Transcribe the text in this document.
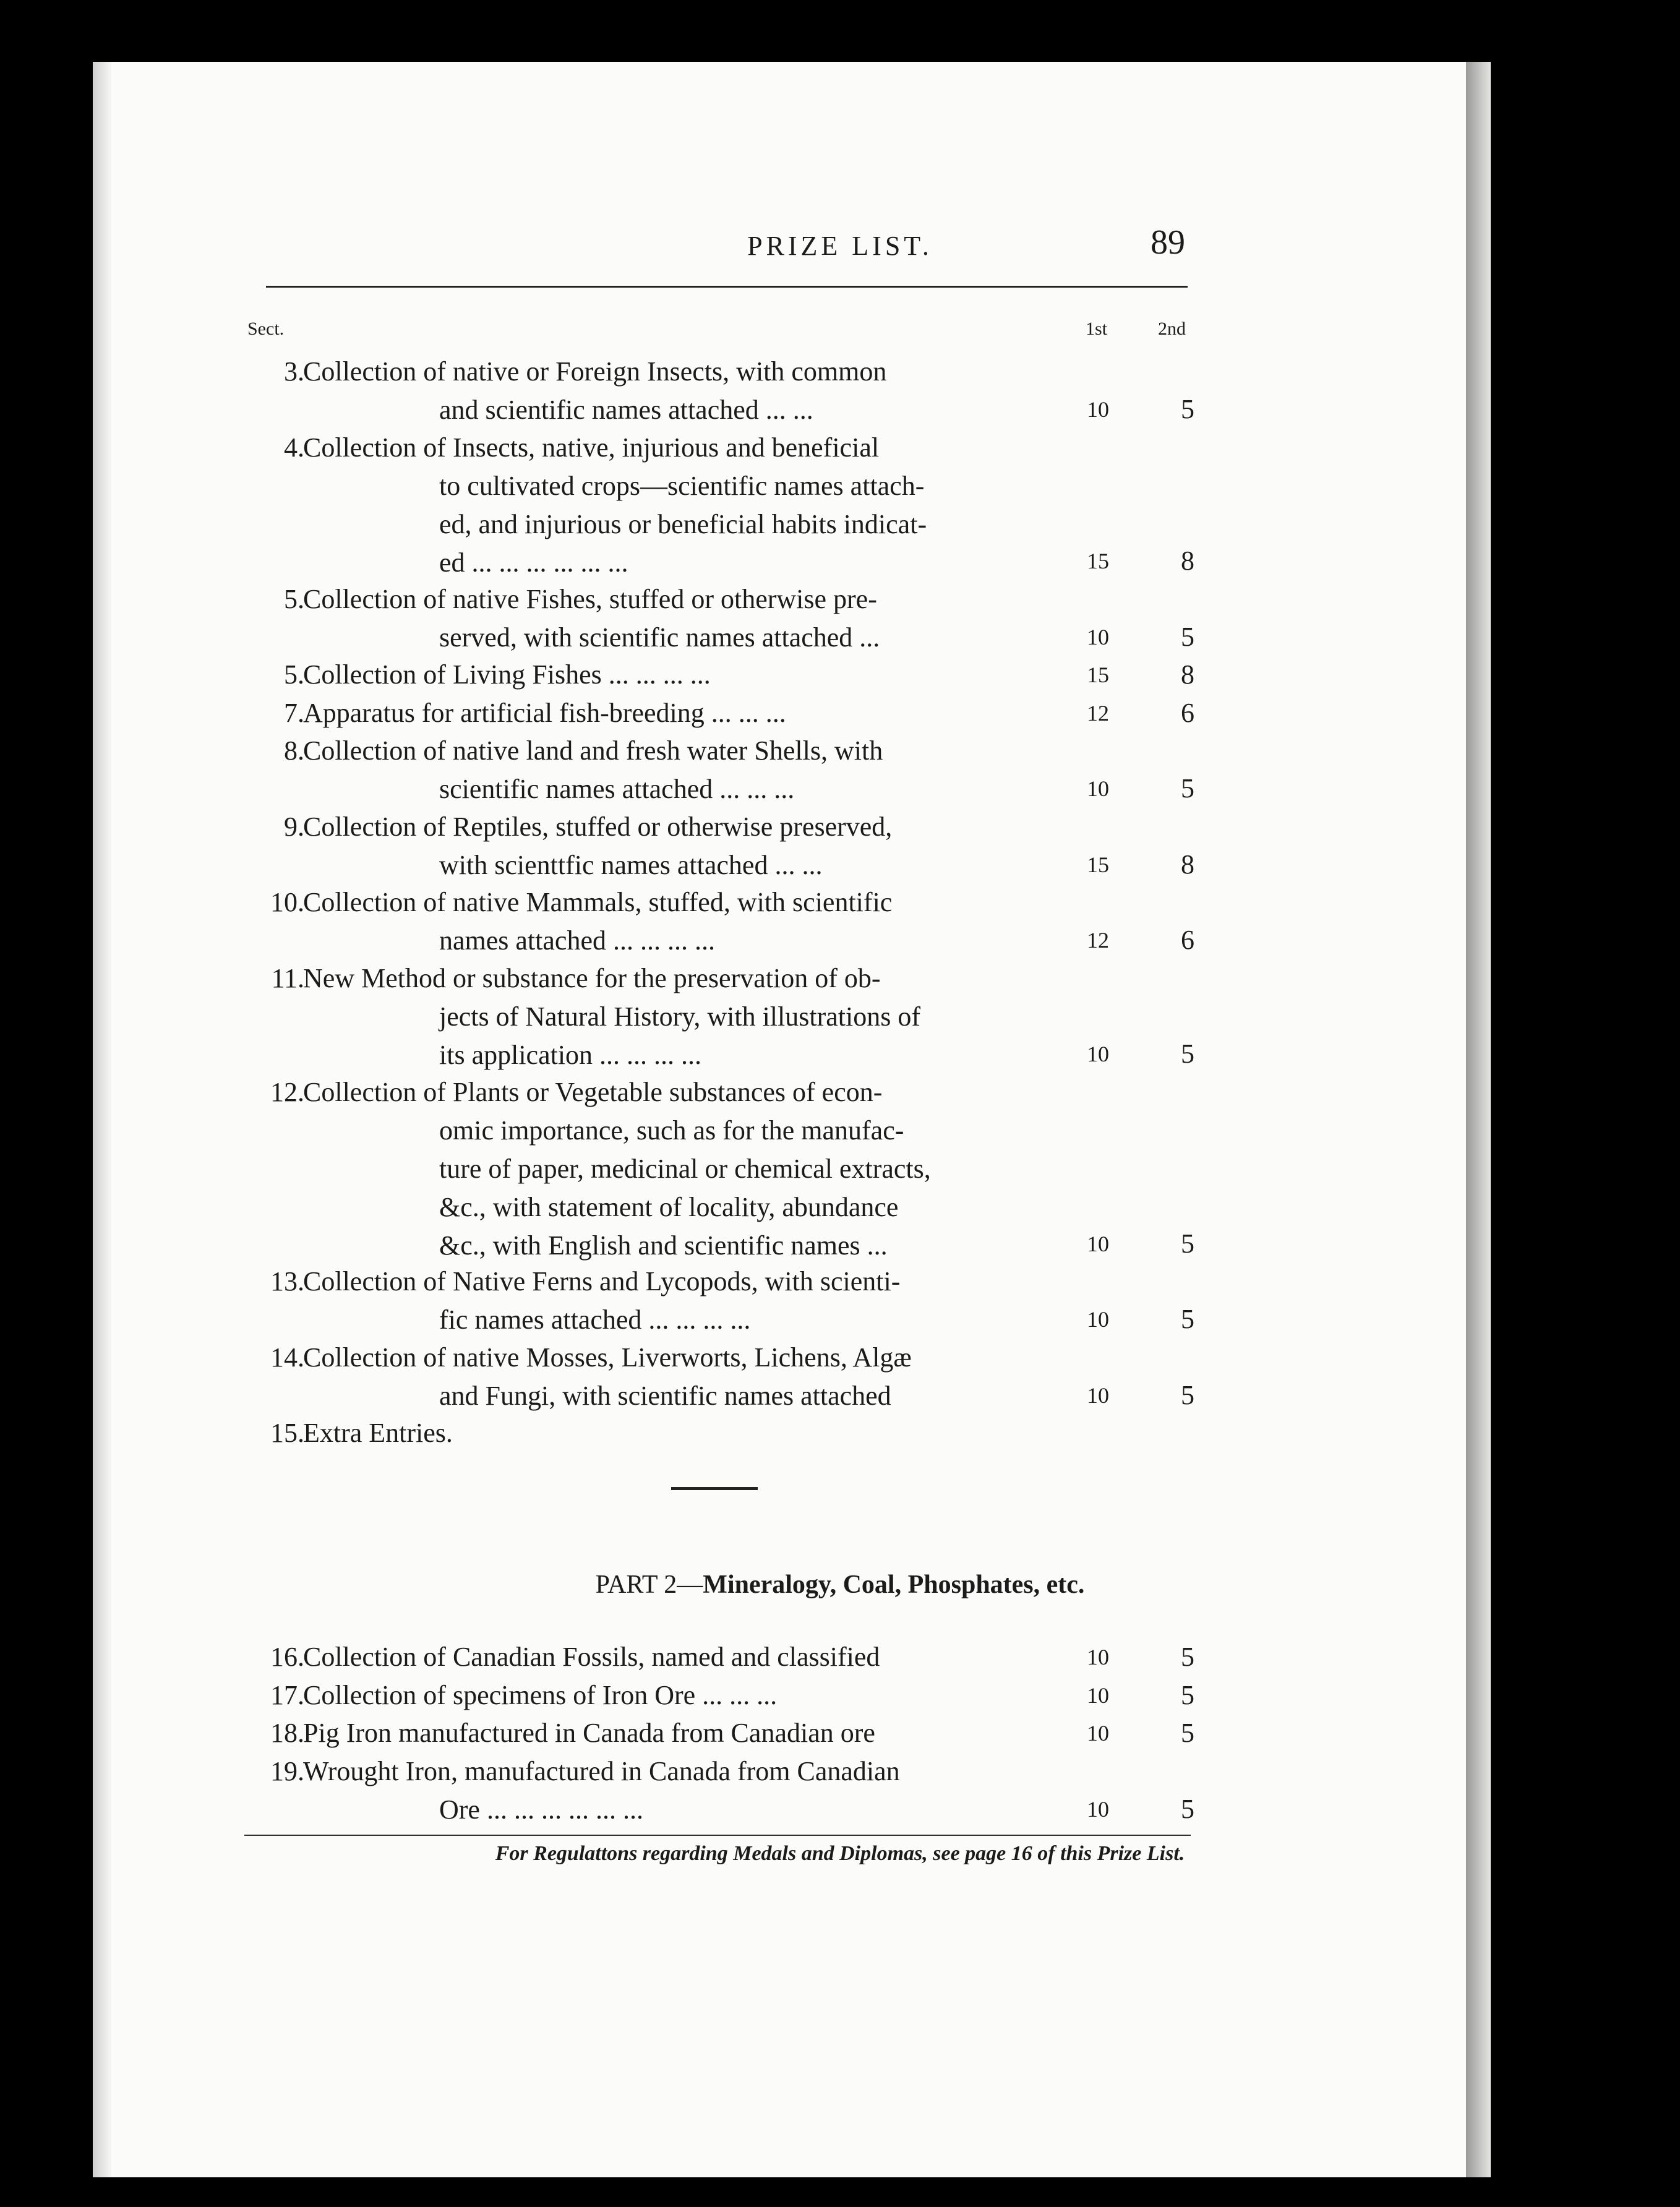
PRIZE LIST.	89
Sect.	1st	2nd
3.
Collection of native or Foreign Insects, with common
and scientific names attached ... ...	10	5
4.
Collection of Insects, native, injurious and beneficial
to cultivated crops—scientific names attach-
ed, and injurious or beneficial habits indicat-
ed ... ... ... ... ... ...	15	8
5.
Collection of native Fishes, stuffed or otherwise pre-
served, with scientific names attached ...	10	5
5.
Collection of Living Fishes ... ... ... ...	15	8
7.
Apparatus for artificial fish-breeding ... ... ...	12	6
8.
Collection of native land and fresh water Shells, with
scientific names attached ... ... ...	10	5
9.
Collection of Reptiles, stuffed or otherwise preserved,
with scienttfic names attached ... ...	15	8
10.
Collection of native Mammals, stuffed, with scientific
names attached ... ... ... ...	12	6
11.
New Method or substance for the preservation of ob-
jects of Natural History, with illustrations of
its application ... ... ... ...	10	5
12.
Collection of Plants or Vegetable substances of econ-
omic importance, such as for the manufac-
ture of paper, medicinal or chemical extracts,
&c., with statement of locality, abundance
&c., with English and scientific names ...	10	5
13.
Collection of Native Ferns and Lycopods, with scienti-
fic names attached ... ... ... ...	10	5
14.
Collection of native Mosses, Liverworts, Lichens, Algæ
and Fungi, with scientific names attached	10	5
15.
Extra Entries.
PART 2—Mineralogy, Coal, Phosphates, etc.
16.
Collection of Canadian Fossils, named and classified	10	5
17.
Collection of specimens of Iron Ore ... ... ...	10	5
18.
Pig Iron manufactured in Canada from Canadian ore	10	5
19.
Wrought Iron, manufactured in Canada from Canadian
Ore ... ... ... ... ... ...	10	5
For Regulattons regarding Medals and Diplomas, see page 16 of this Prize List.
